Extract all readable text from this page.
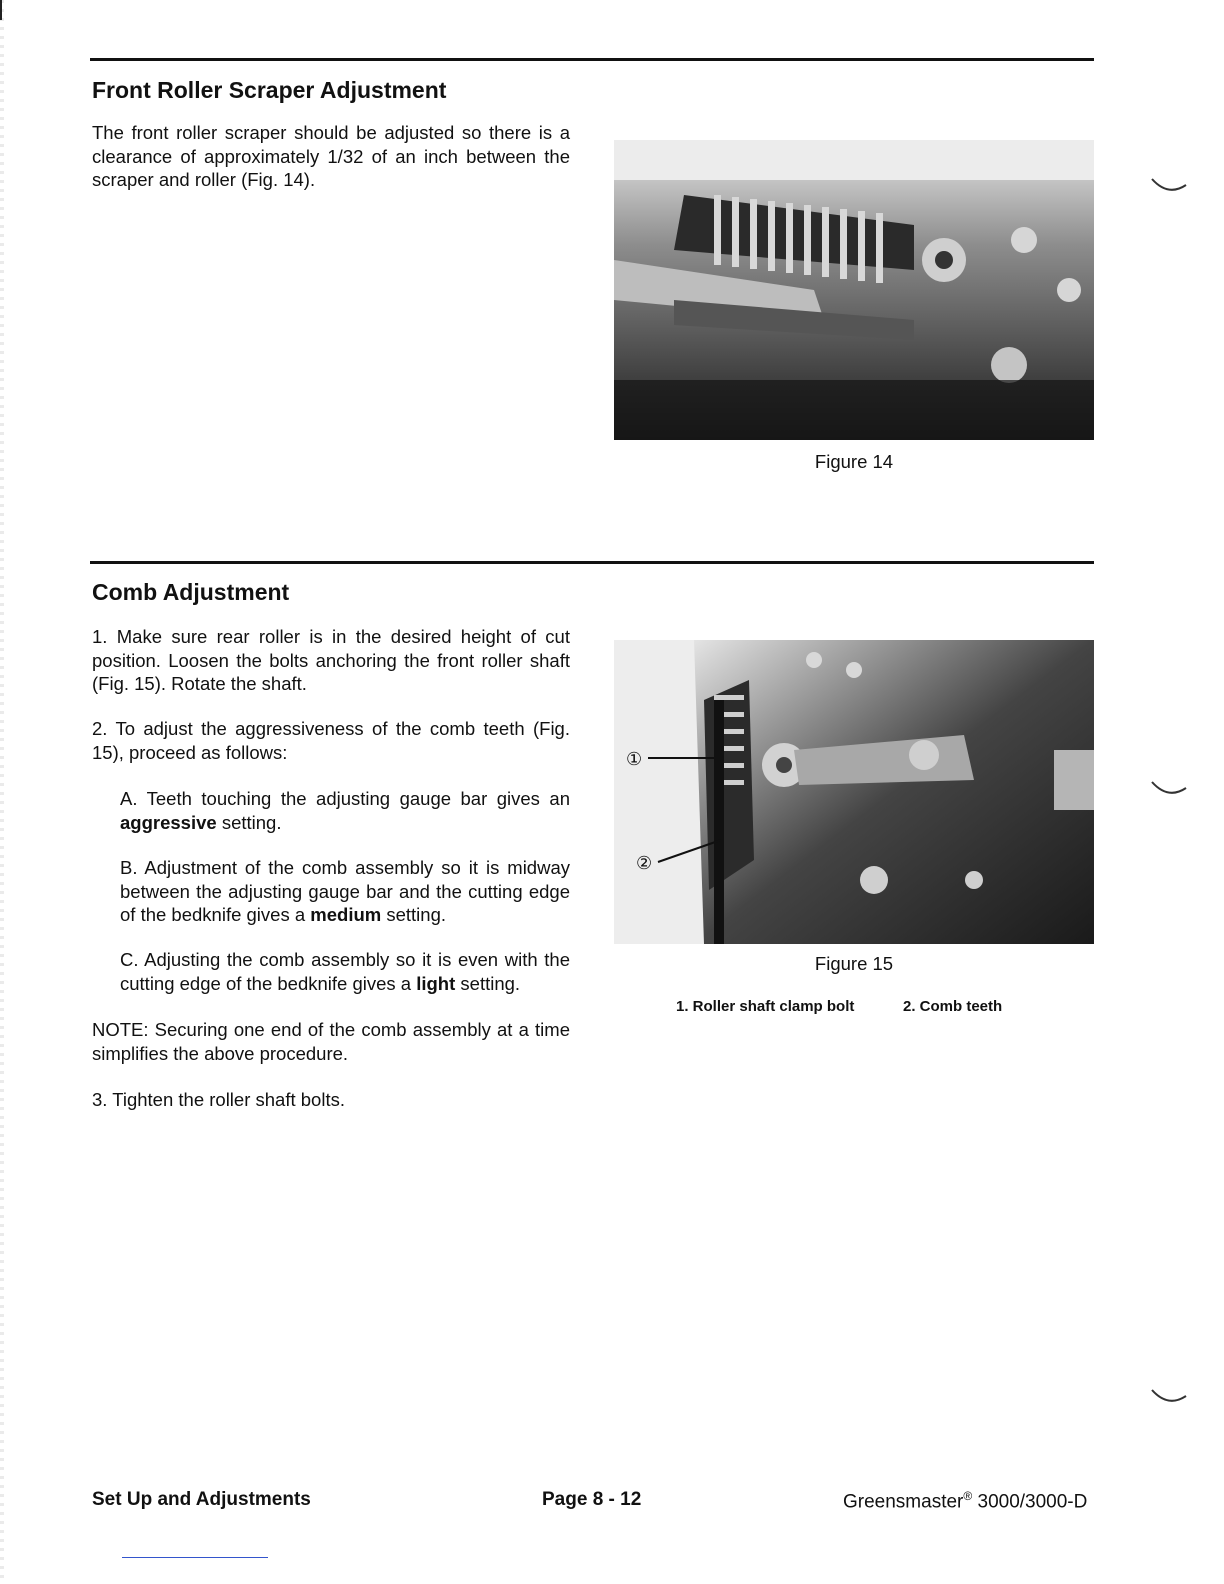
Front Roller Scraper Adjustment

The front roller scraper should be adjusted so there is a clearance of approximately 1/32 of an inch between the scraper and roller (Fig. 14).

Figure 14

Comb Adjustment

1. Make sure rear roller is in the desired height of cut position. Loosen the bolts anchoring the front roller shaft (Fig. 15). Rotate the shaft.

2. To adjust the aggressiveness of the comb teeth (Fig. 15), proceed as follows:

A. Teeth touching the adjusting gauge bar gives an aggressive setting.

B. Adjustment of the comb assembly so it is midway between the adjusting gauge bar and the cutting edge of the bedknife gives a medium setting.

C. Adjusting the comb assembly so it is even with the cutting edge of the bedknife gives a light setting.

NOTE: Securing one end of the comb assembly at a time simplifies the above procedure.

3. Tighten the roller shaft bolts.

①
②

Figure 15

1. Roller shaft clamp bolt	2. Comb teeth

Set Up and Adjustments	Page 8 - 12	Greensmaster® 3000/3000-D
